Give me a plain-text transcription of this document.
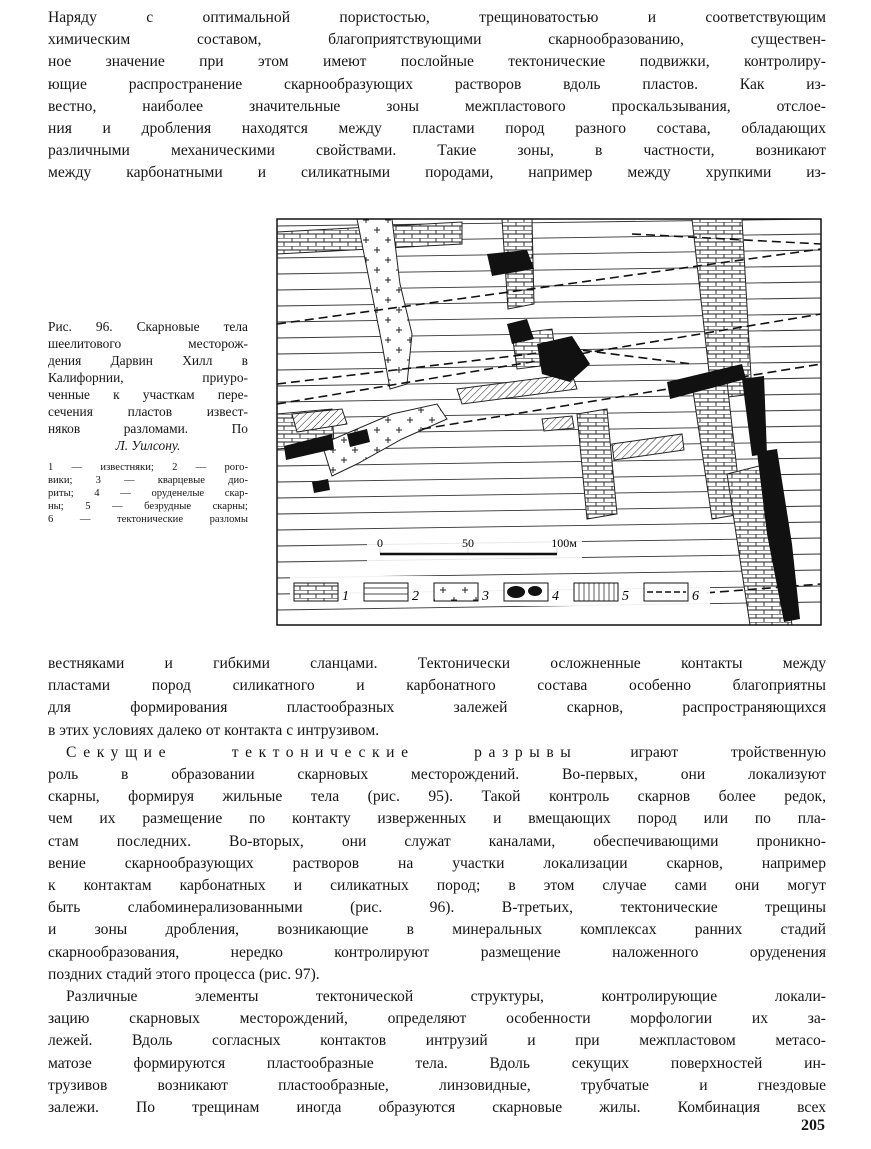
Наряду с оптимальной пористостью, трещиноватостью и соответствующим
химическим составом, благоприятствующими скарнообразованию, существен-
ное значение при этом имеют послойные тектонические подвижки, контролиру-
ющие распространение скарнообразующих растворов вдоль пластов. Как из-
вестно, наиболее значительные зоны межпластового проскальзывания, отслое-
ния и дробления находятся между пластами пород разного состава, обладающих
различными механическими свойствами. Такие зоны, в частности, возникают
между карбонатными и силикатными породами, например между хрупкими из-
Рис. 96. Скарновые тела
шеелитового месторож-
дения Дарвин Хилл в
Калифорнии, приуро-
ченные к участкам пере-
сечения пластов извест-
няков разломами. По
Л. Уилсону.
1 — известняки; 2 — рого-
вики; 3 — кварцевые дио-
риты; 4 — оруденелые скар-
ны; 5 — безрудные скарны;
6 — тектонические разломы
0	50	100м
1	2	3	4	5	6
вестняками и гибкими сланцами. Тектонически осложненные контакты между
пластами пород силикатного и карбонатного состава особенно благоприятны
для формирования пластообразных залежей скарнов, распространяющихся
в этих условиях далеко от контакта с интрузивом.
Секущие тектонические разрывы играют тройственную
роль в образовании скарновых месторождений. Во-первых, они локализуют
скарны, формируя жильные тела (рис. 95). Такой контроль скарнов более редок,
чем их размещение по контакту изверженных и вмещающих пород или по пла-
стам последних. Во-вторых, они служат каналами, обеспечивающими проникно-
вение скарнообразующих растворов на участки локализации скарнов, например
к контактам карбонатных и силикатных пород; в этом случае сами они могут
быть слабоминерализованными (рис. 96). В-третьих, тектонические трещины
и зоны дробления, возникающие в минеральных комплексах ранних стадий
скарнообразования, нередко контролируют размещение наложенного оруденения
поздних стадий этого процесса (рис. 97).
Различные элементы тектонической структуры, контролирующие локали-
зацию скарновых месторождений, определяют особенности морфологии их за-
лежей. Вдоль согласных контактов интрузий и при межпластовом метасо-
матозе формируются пластообразные тела. Вдоль секущих поверхностей ин-
трузивов возникают пластообразные, линзовидные, трубчатые и гнездовые
залежи. По трещинам иногда образуются скарновые жилы. Комбинация всех
205
